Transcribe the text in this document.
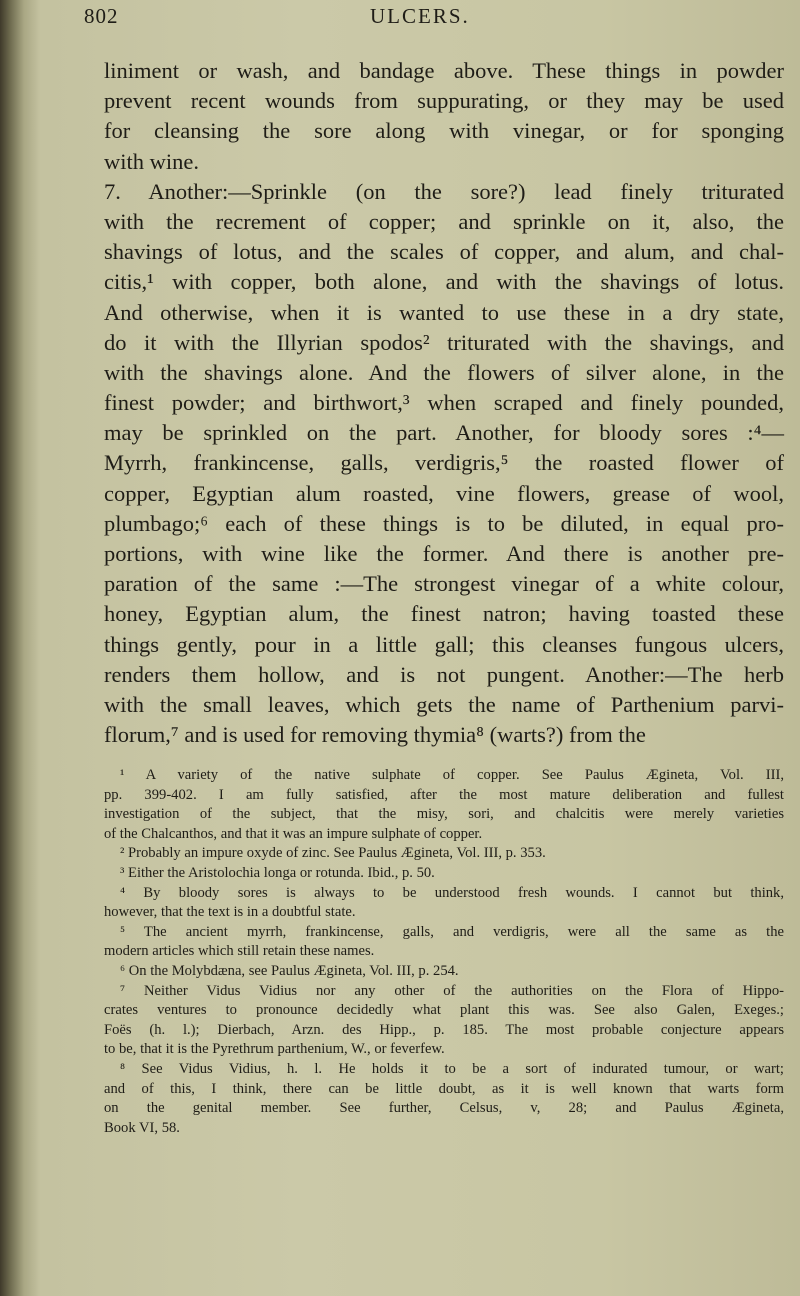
802	ULCERS.
liniment or wash, and bandage above. These things in powder
prevent recent wounds from suppurating, or they may be used
for cleansing the sore along with vinegar, or for sponging
with wine.
7. Another:—Sprinkle (on the sore?) lead finely triturated
with the recrement of copper; and sprinkle on it, also, the
shavings of lotus, and the scales of copper, and alum, and chal-
citis,¹ with copper, both alone, and with the shavings of lotus.
And otherwise, when it is wanted to use these in a dry state,
do it with the Illyrian spodos² triturated with the shavings, and
with the shavings alone. And the flowers of silver alone, in the
finest powder; and birthwort,³ when scraped and finely pounded,
may be sprinkled on the part. Another, for bloody sores :⁴—
Myrrh, frankincense, galls, verdigris,⁵ the roasted flower of
copper, Egyptian alum roasted, vine flowers, grease of wool,
plumbago;⁶ each of these things is to be diluted, in equal pro-
portions, with wine like the former. And there is another pre-
paration of the same :—The strongest vinegar of a white colour,
honey, Egyptian alum, the finest natron; having toasted these
things gently, pour in a little gall; this cleanses fungous ulcers,
renders them hollow, and is not pungent. Another:—The herb
with the small leaves, which gets the name of Parthenium parvi-
florum,⁷ and is used for removing thymia⁸ (warts?) from the
¹ A variety of the native sulphate of copper. See Paulus Ægineta, Vol. III,
pp. 399-402. I am fully satisfied, after the most mature deliberation and fullest
investigation of the subject, that the misy, sori, and chalcitis were merely varieties
of the Chalcanthos, and that it was an impure sulphate of copper.
² Probably an impure oxyde of zinc. See Paulus Ægineta, Vol. III, p. 353.
³ Either the Aristolochia longa or rotunda. Ibid., p. 50.
⁴ By bloody sores is always to be understood fresh wounds. I cannot but think,
however, that the text is in a doubtful state.
⁵ The ancient myrrh, frankincense, galls, and verdigris, were all the same as the
modern articles which still retain these names.
⁶ On the Molybdæna, see Paulus Ægineta, Vol. III, p. 254.
⁷ Neither Vidus Vidius nor any other of the authorities on the Flora of Hippo-
crates ventures to pronounce decidedly what plant this was. See also Galen, Exeges.;
Foës (h. l.); Dierbach, Arzn. des Hipp., p. 185. The most probable conjecture appears
to be, that it is the Pyrethrum parthenium, W., or feverfew.
⁸ See Vidus Vidius, h. l. He holds it to be a sort of indurated tumour, or wart;
and of this, I think, there can be little doubt, as it is well known that warts form
on the genital member. See further, Celsus, v, 28; and Paulus Ægineta,
Book VI, 58.
